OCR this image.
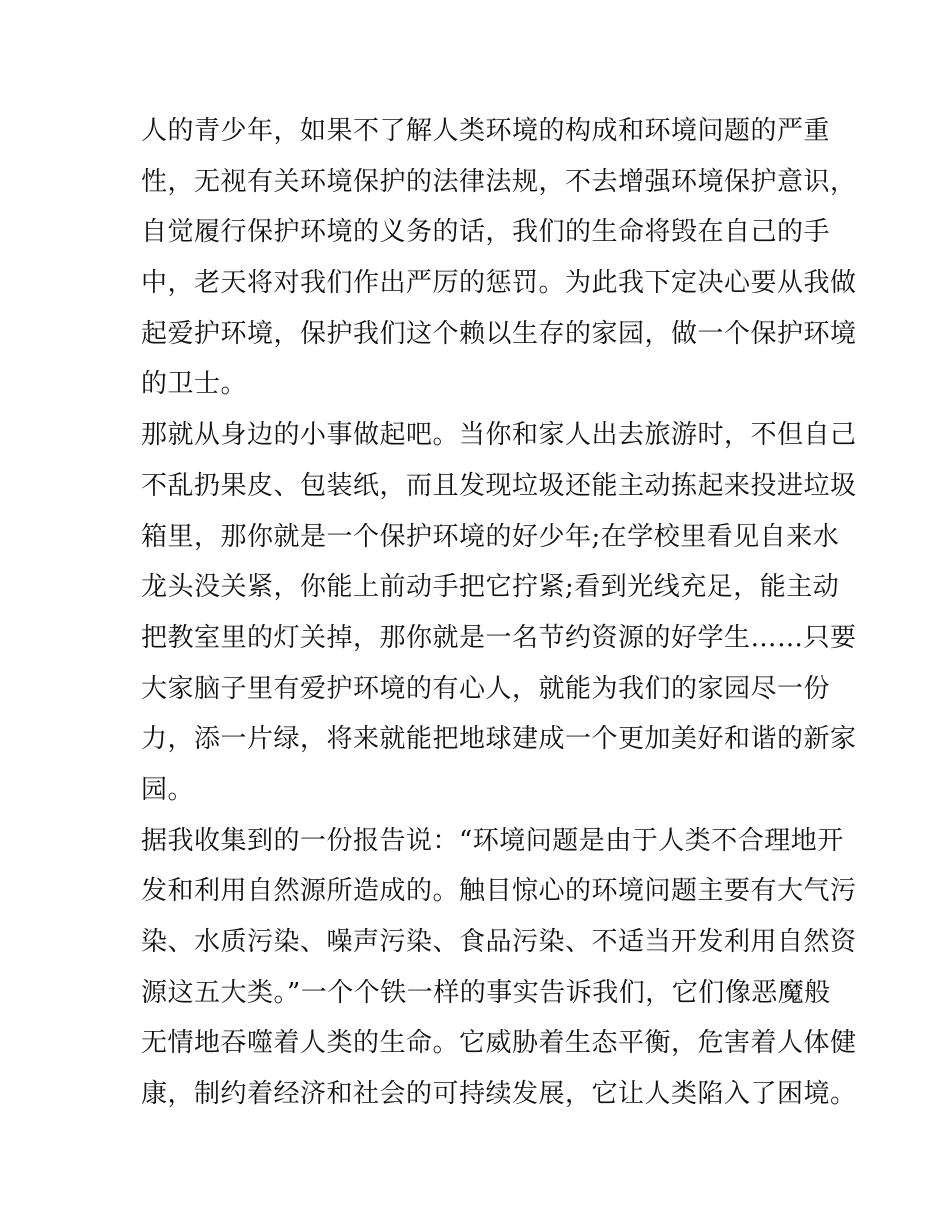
人的青少年，如果不了解人类环境的构成和环境问题的严重
性，无视有关环境保护的法律法规，不去增强环境保护意识，
自觉履行保护环境的义务的话，我们的生命将毁在自己的手
中，老天将对我们作出严厉的惩罚。为此我下定决心要从我做
起爱护环境，保护我们这个赖以生存的家园，做一个保护环境
的卫士。
那就从身边的小事做起吧。当你和家人出去旅游时，不但自己
不乱扔果皮、包装纸，而且发现垃圾还能主动拣起来投进垃圾
箱里，那你就是一个保护环境的好少年;在学校里看见自来水
龙头没关紧，你能上前动手把它拧紧;看到光线充足，能主动
把教室里的灯关掉，那你就是一名节约资源的好学生……只要
大家脑子里有爱护环境的有心人，就能为我们的家园尽一份
力，添一片绿，将来就能把地球建成一个更加美好和谐的新家
园。
据我收集到的一份报告说：“环境问题是由于人类不合理地开
发和利用自然源所造成的。触目惊心的环境问题主要有大气污
染、水质污染、噪声污染、食品污染、不适当开发利用自然资
源这五大类。”一个个铁一样的事实告诉我们，它们像恶魔般
无情地吞噬着人类的生命。它威胁着生态平衡，危害着人体健
康，制约着经济和社会的可持续发展，它让人类陷入了困境。
